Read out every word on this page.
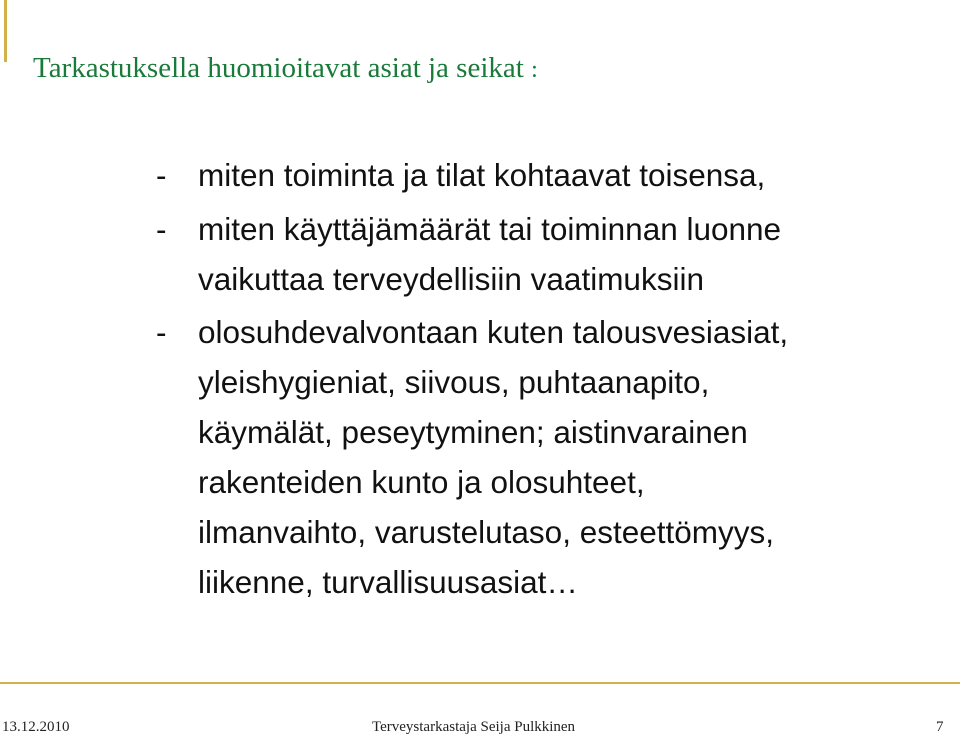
Tarkastuksella huomioitavat asiat ja seikat :
- miten toiminta ja tilat kohtaavat toisensa,
- miten käyttäjämäärät tai toiminnan luonne
vaikuttaa terveydellisiin vaatimuksiin
- olosuhdevalvontaan kuten talousvesiasiat,
yleishygieniat, siivous, puhtaanapito,
käymälät, peseytyminen; aistinvarainen
rakenteiden kunto ja olosuhteet,
ilmanvaihto, varustelutaso, esteettömyys,
liikenne, turvallisuusasiat…
13.12.2010	Terveystarkastaja Seija Pulkkinen	7
